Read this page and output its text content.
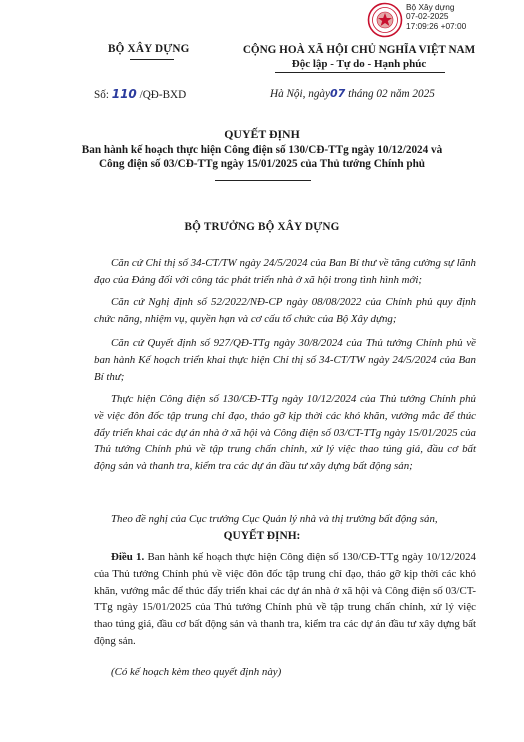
Bộ Xây dựng
07-02-2025
17:09:26 +07:00
BỘ XÂY DỰNG	CỘNG HOÀ XÃ HỘI CHỦ NGHĨA VIỆT NAM
Độc lập - Tự do - Hạnh phúc
Số: 110 /QĐ-BXD	Hà Nội, ngày07 tháng 02 năm 2025
QUYẾT ĐỊNH
Ban hành kế hoạch thực hiện Công điện số 130/CĐ-TTg ngày 10/12/2024 và
Công điện số 03/CĐ-TTg ngày 15/01/2025 của Thủ tướng Chính phủ
BỘ TRƯỞNG BỘ XÂY DỰNG
Căn cứ Chỉ thị số 34-CT/TW ngày 24/5/2024 của Ban Bí thư về tăng cường sự lãnh đạo của Đảng đối với công tác phát triển nhà ở xã hội trong tình hình mới;
Căn cứ Nghị định số 52/2022/NĐ-CP ngày 08/08/2022 của Chính phủ quy định chức năng, nhiệm vụ, quyền hạn và cơ cấu tổ chức của Bộ Xây dựng;
Căn cứ Quyết định số 927/QĐ-TTg ngày 30/8/2024 của Thủ tướng Chính phủ về ban hành Kế hoạch triển khai thực hiện Chỉ thị số 34-CT/TW ngày 24/5/2024 của Ban Bí thư;
Thực hiện Công điện số 130/CĐ-TTg ngày 10/12/2024 của Thủ tướng Chính phủ về việc đôn đốc tập trung chỉ đạo, tháo gỡ kịp thời các khó khăn, vướng mắc để thúc đẩy triển khai các dự án nhà ở xã hội và Công điện số 03/CT-TTg ngày 15/01/2025 của Thủ tướng Chính phủ về tập trung chấn chỉnh, xử lý việc thao túng giá, đầu cơ bất động sản và thanh tra, kiểm tra các dự án đầu tư xây dựng bất động sản;
Theo đề nghị của Cục trưởng Cục Quản lý nhà và thị trường bất động sản,
QUYẾT ĐỊNH:

Điều 1. Ban hành kế hoạch thực hiện Công điện số 130/CĐ-TTg ngày 10/12/2024 của Thủ tướng Chính phủ về việc đôn đốc tập trung chỉ đạo, tháo gỡ kịp thời các khó khăn, vướng mắc để thúc đẩy triển khai các dự án nhà ở xã hội và Công điện số 03/CT-TTg ngày 15/01/2025 của Thủ tướng Chính phủ về tập trung chấn chỉnh, xử lý việc thao túng giá, đầu cơ bất động sản và thanh tra, kiểm tra các dự án đầu tư xây dựng bất động sản.

(Có kế hoạch kèm theo quyết định này)
